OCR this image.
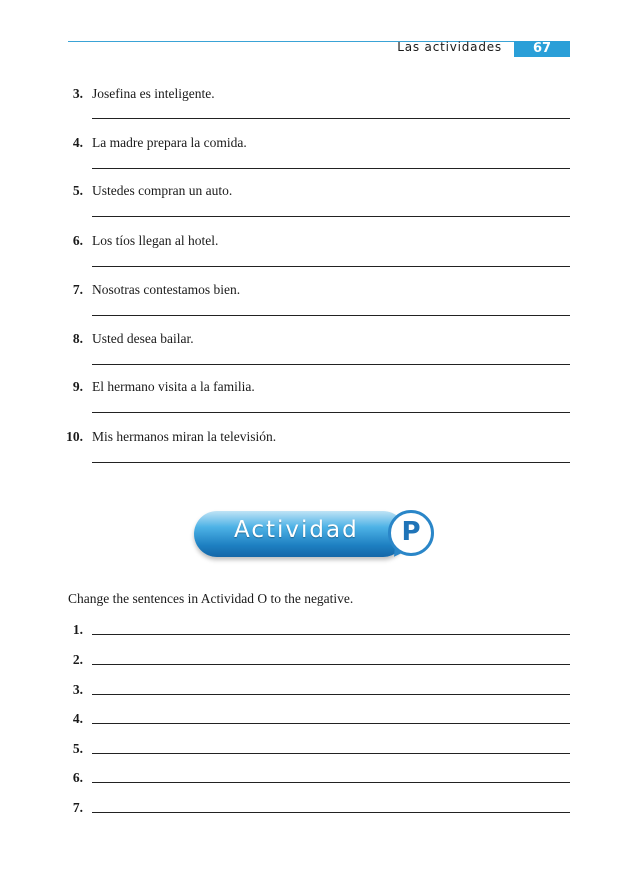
Las actividades	67
3. Josefina es inteligente.
4. La madre prepara la comida.
5. Ustedes compran un auto.
6. Los tíos llegan al hotel.
7. Nosotras contestamos bien.
8. Usted desea bailar.
9. El hermano visita a la familia.
10. Mis hermanos miran la televisión.
Actividad	P
Change the sentences in Actividad O to the negative.
1.
2.
3.
4.
5.
6.
7.
